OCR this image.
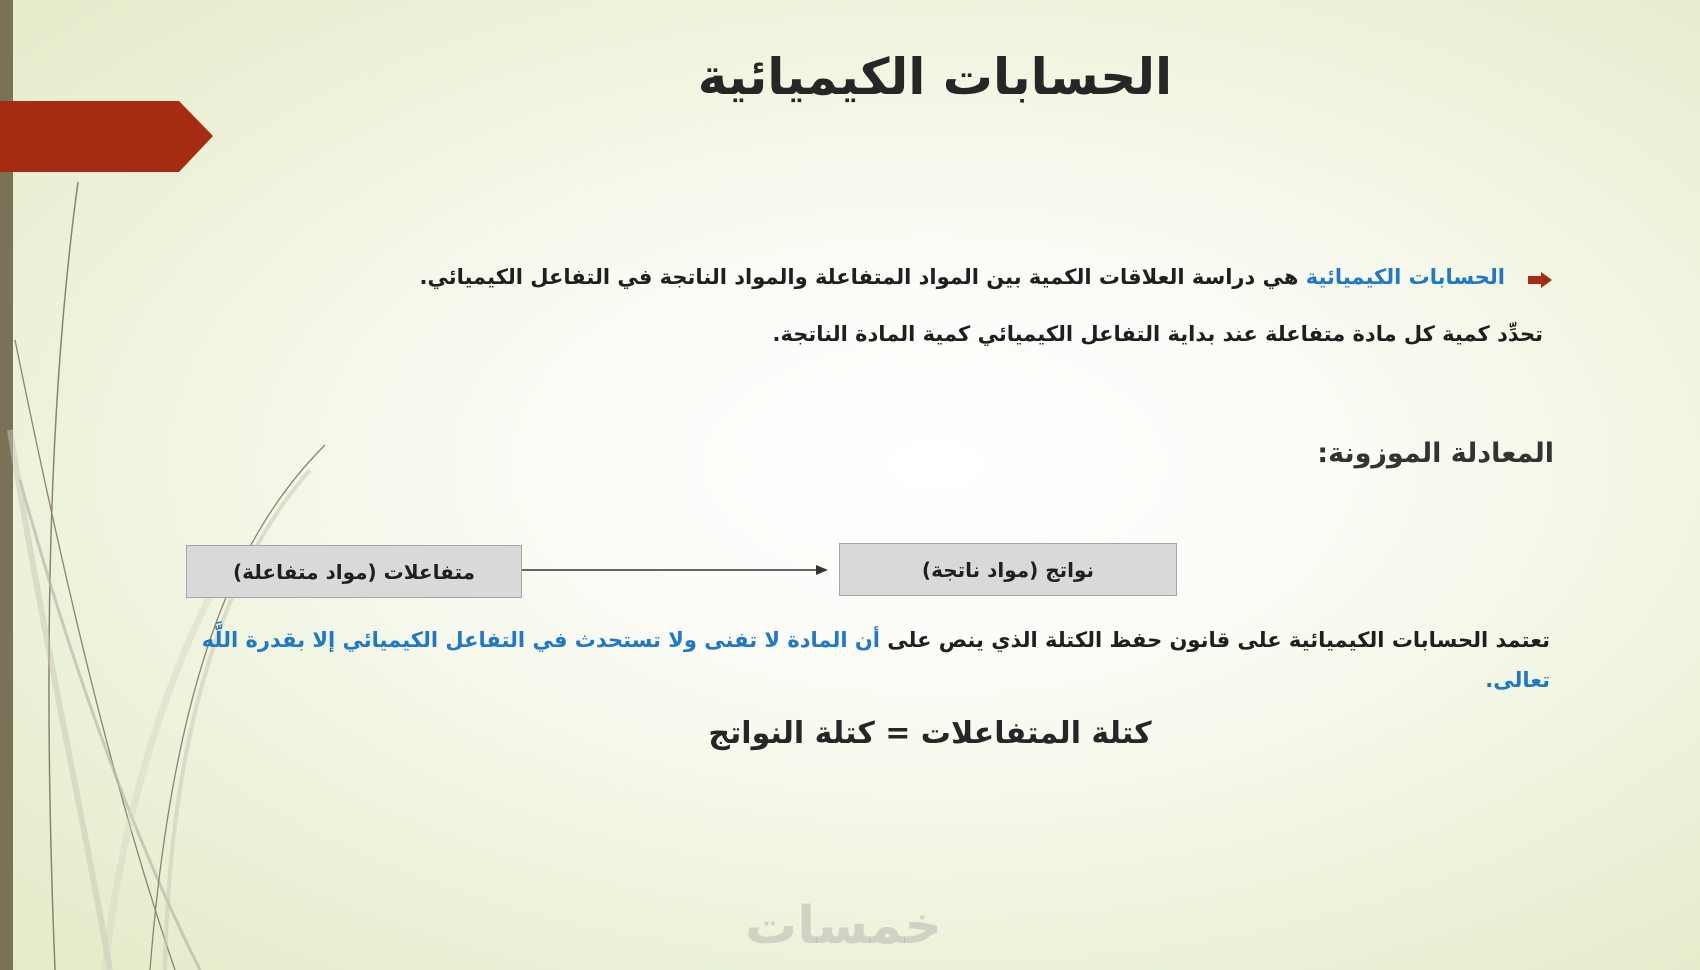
الحسابات الكيميائية
الحسابات الكيميائية هي دراسة العلاقات الكمية بين المواد المتفاعلة والمواد الناتجة في التفاعل الكيميائي.
تحدِّد كمية كل مادة متفاعلة عند بداية التفاعل الكيميائي كمية المادة الناتجة.
المعادلة الموزونة:
متفاعلات (مواد متفاعلة)	نواتج (مواد ناتجة)
تعتمد الحسابات الكيميائية على قانون حفظ الكتلة الذي ينص على أن المادة لا تفنى ولا تستحدث في التفاعل الكيميائي إلا بقدرة اللَّه تعالى.
كتلة المتفاعلات = كتلة النواتج
خمسات
